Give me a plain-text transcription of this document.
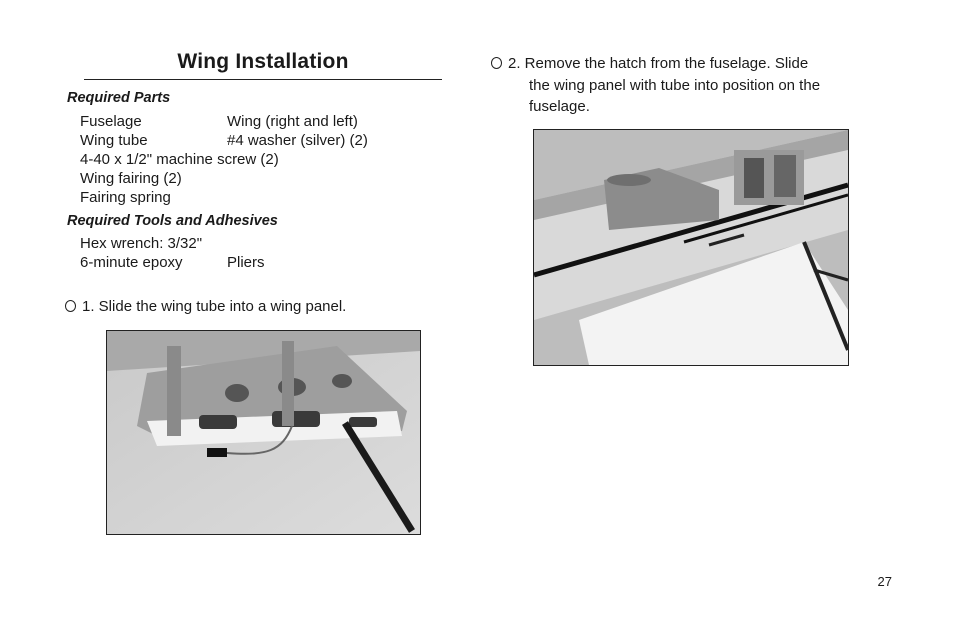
Wing Installation
Required Parts
Fuselage	Wing (right and left)
Wing tube	#4 washer (silver) (2)
4-40 x 1/2" machine screw (2)
Wing fairing (2)
Fairing spring
Required Tools and Adhesives
Hex wrench: 3/32"
6-minute epoxy	Pliers
1. Slide the wing tube into a wing panel.
2. Remove the hatch from the fuselage. Slide
the wing panel with tube into position on the
fuselage.
27
